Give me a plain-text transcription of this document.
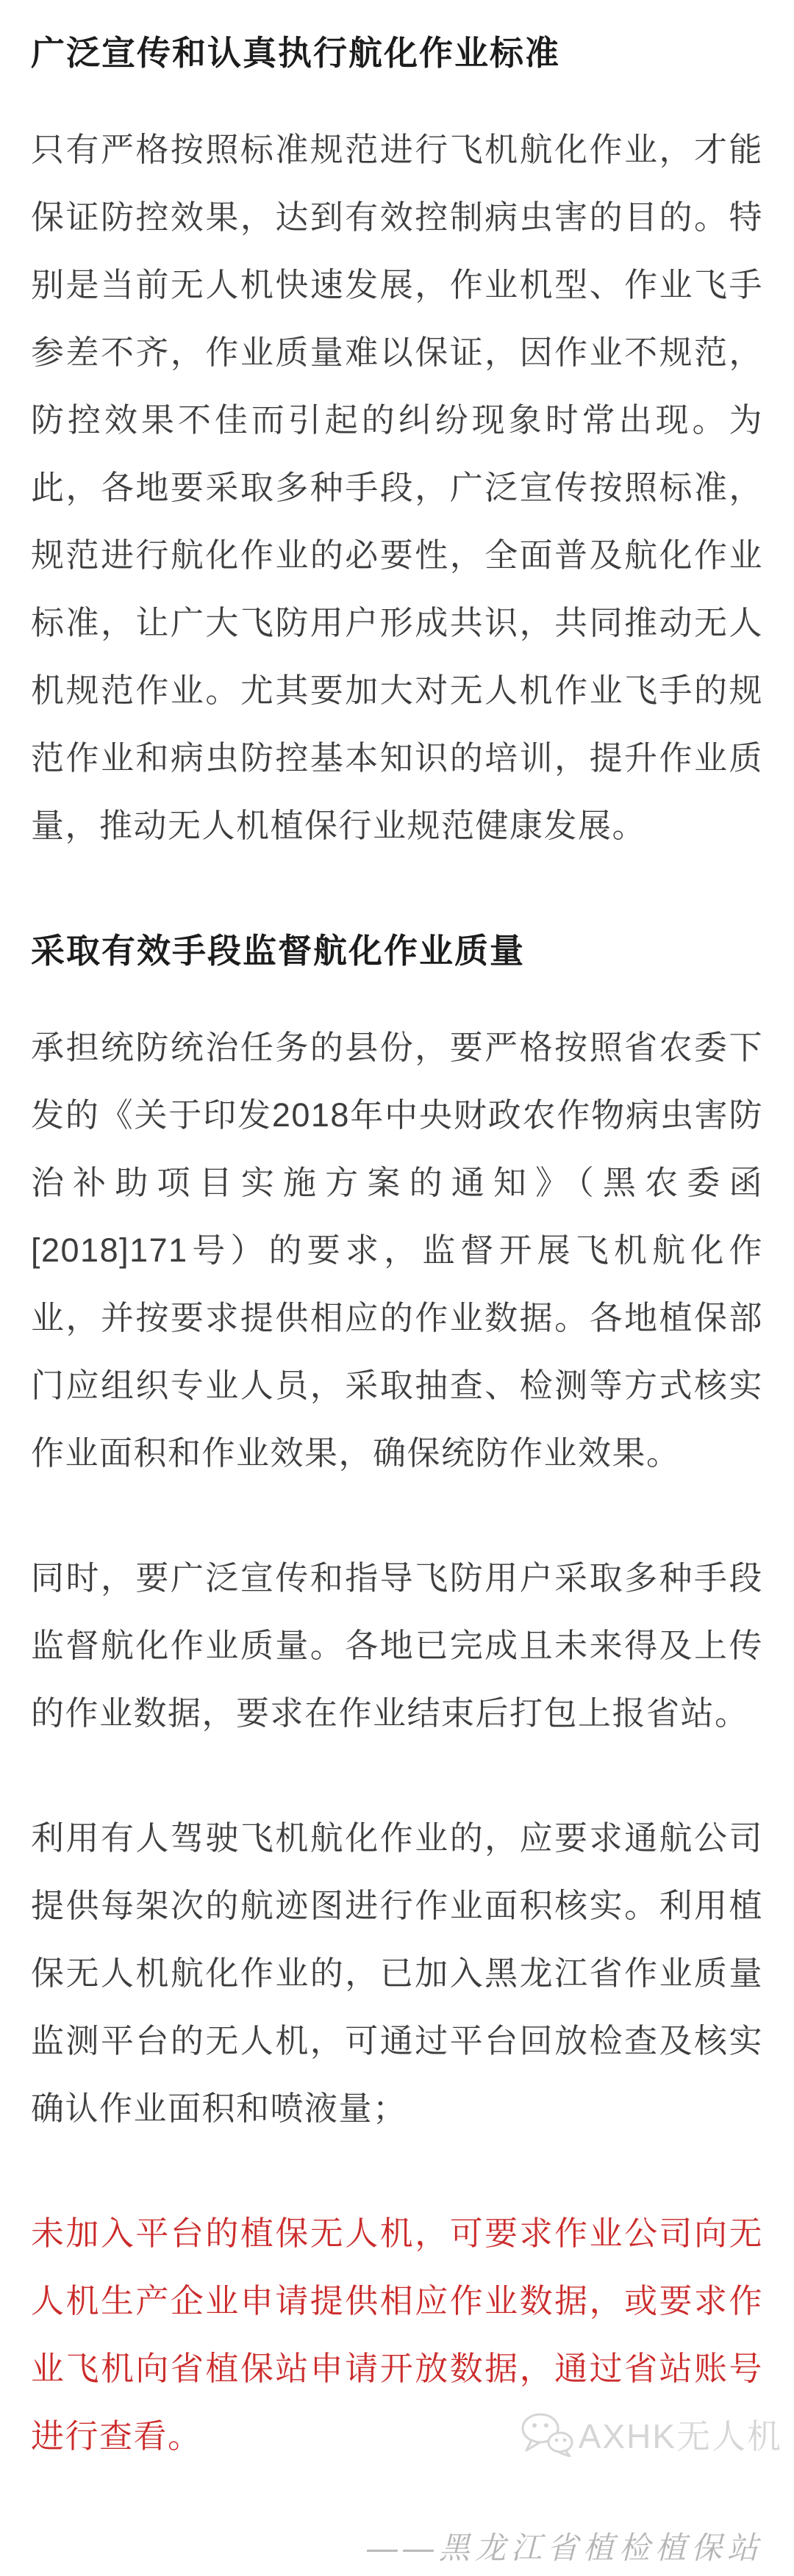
广泛宣传和认真执行航化作业标准

只有严格按照标准规范进行飞机航化作业，才能保证防控效果，达到有效控制病虫害的目的。特别是当前无人机快速发展，作业机型、作业飞手参差不齐，作业质量难以保证，因作业不规范，防控效果不佳而引起的纠纷现象时常出现。为此，各地要采取多种手段，广泛宣传按照标准，规范进行航化作业的必要性，全面普及航化作业标准，让广大飞防用户形成共识，共同推动无人机规范作业。尤其要加大对无人机作业飞手的规范作业和病虫防控基本知识的培训，提升作业质量，推动无人机植保行业规范健康发展。

采取有效手段监督航化作业质量

承担统防统治任务的县份，要严格按照省农委下发的《关于印发2018年中央财政农作物病虫害防治补助项目实施方案的通知》（黑农委函[2018]171号）的要求，监督开展飞机航化作业，并按要求提供相应的作业数据。各地植保部门应组织专业人员，采取抽查、检测等方式核实作业面积和作业效果，确保统防作业效果。

同时，要广泛宣传和指导飞防用户采取多种手段监督航化作业质量。各地已完成且未来得及上传的作业数据，要求在作业结束后打包上报省站。

利用有人驾驶飞机航化作业的，应要求通航公司提供每架次的航迹图进行作业面积核实。利用植保无人机航化作业的，已加入黑龙江省作业质量监测平台的无人机，可通过平台回放检查及核实确认作业面积和喷液量；

未加入平台的植保无人机，可要求作业公司向无人机生产企业申请提供相应作业数据，或要求作业飞机向省植保站申请开放数据，通过省站账号进行查看。

——黑龙江省植检植保站
AXHK无人机
